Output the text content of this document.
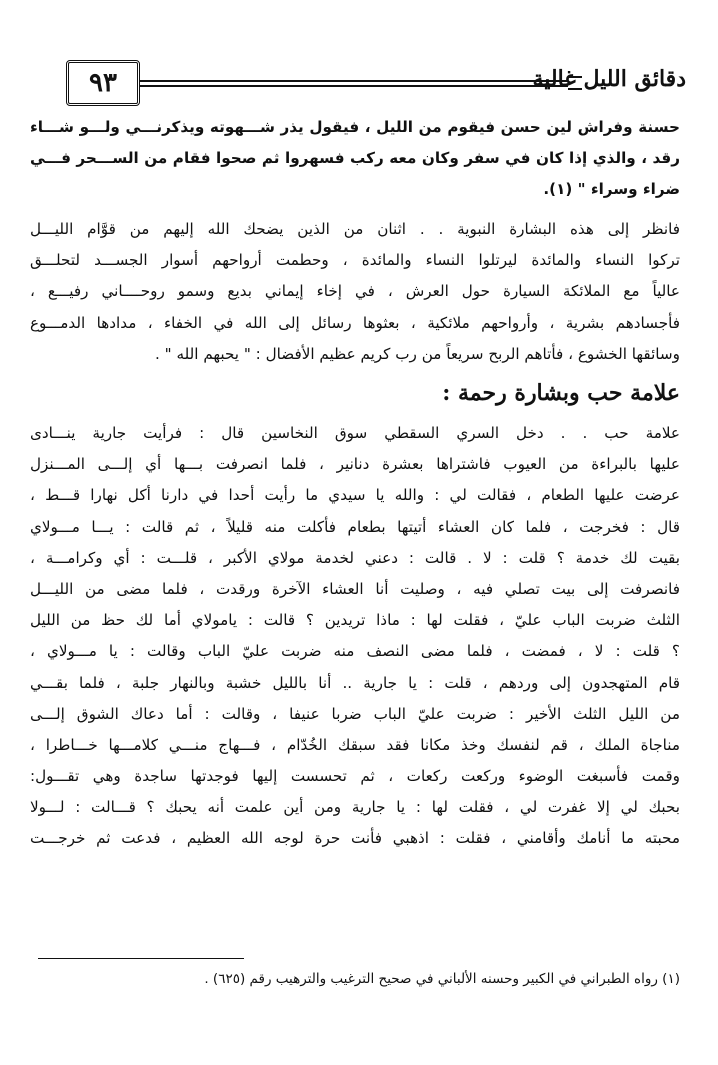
دقائق الليل غالية
٩٣
حسنة وفراش لين حسن فيقوم من الليل ، فيقول يذر شـــهوته ويذكرنـــي ولـــو شـــاء
رقد ، والذي إذا كان في سفر وكان معه ركب فسهروا ثم صحوا فقام من الســـحر فـــي
ضراء وسراء " (١).
فانظر إلى هذه البشارة النبوية . . اثنان من الذين يضحك الله إليهم من قوَّام الليـــل
تركوا النساء والمائدة ليرتلوا النساء والمائدة ، وحطمت أرواحهم أسوار الجســـد لتحلـــق
عالياً مع الملائكة السيارة حول العرش ، في إخاء إيماني بديع وسمو روحــــاني رفيـــع ،
فأجسادهم بشرية ، وأرواحهم ملائكية ، بعثوها رسائل إلى الله في الخفاء ، مدادها الدمـــوع
وسائقها الخشوع ، فأتاهم الربح سريعاً من رب كريم عظيم الأفضال : " يحبهم الله " .
علامة حب وبشارة رحمة :
علامة حب . . دخل السري السقطي سوق النخاسين قال : فرأيت جارية ينـــادى
عليها بالبراءة من العيوب فاشتراها بعشرة دنانير ، فلما انصرفت بـــها أي إلـــى المـــنزل
عرضت عليها الطعام ، فقالت لي : والله يا سيدي ما رأيت أحدا في دارنا أكل نهارا قـــط ،
قال : فخرجت ، فلما كان العشاء أتيتها بطعام فأكلت منه قليلاً ، ثم قالت : يـــا مـــولاي
بقيت لك خدمة ؟ قلت : لا . قالت : دعني لخدمة مولاي الأكبر ، قلـــت : أي وكرامـــة ،
فانصرفت إلى بيت تصلي فيه ، وصليت أنا العشاء الآخرة ورقدت ، فلما مضى من الليـــل
الثلث ضربت الباب عليّ ، فقلت لها : ماذا تريدين ؟ قالت : يامولاي أما لك حظ من الليل
؟ قلت : لا ، فمضت ، فلما مضى النصف منه ضربت عليّ الباب وقالت : يا مـــولاي ،
قام المتهجدون إلى وردهم ، قلت : يا جارية .. أنا بالليل خشبة وبالنهار جلبة ، فلما بقـــي
من الليل الثلث الأخير : ضربت عليّ الباب ضربا عنيفا ، وقالت : أما دعاك الشوق إلـــى
مناجاة الملك ، قم لنفسك وخذ مكانا فقد سبقك الخُدّام ، فـــهاج منـــي كلامـــها خـــاطرا ،
وقمت فأسبغت الوضوء وركعت ركعات ، ثم تحسست إليها فوجدتها ساجدة وهي تقـــول:
بحبك لي إلا غفرت لي ، فقلت لها : يا جارية ومن أين علمت أنه يحبك ؟ قـــالت : لـــولا
محبته ما أنامك وأقامني ، فقلت : اذهبي فأنت حرة لوجه الله العظيم ، فدعت ثم خرجـــت
(١) رواه الطبراني في الكبير وحسنه الألباني في صحيح الترغيب والترهيب رقم (٦٢٥) .
